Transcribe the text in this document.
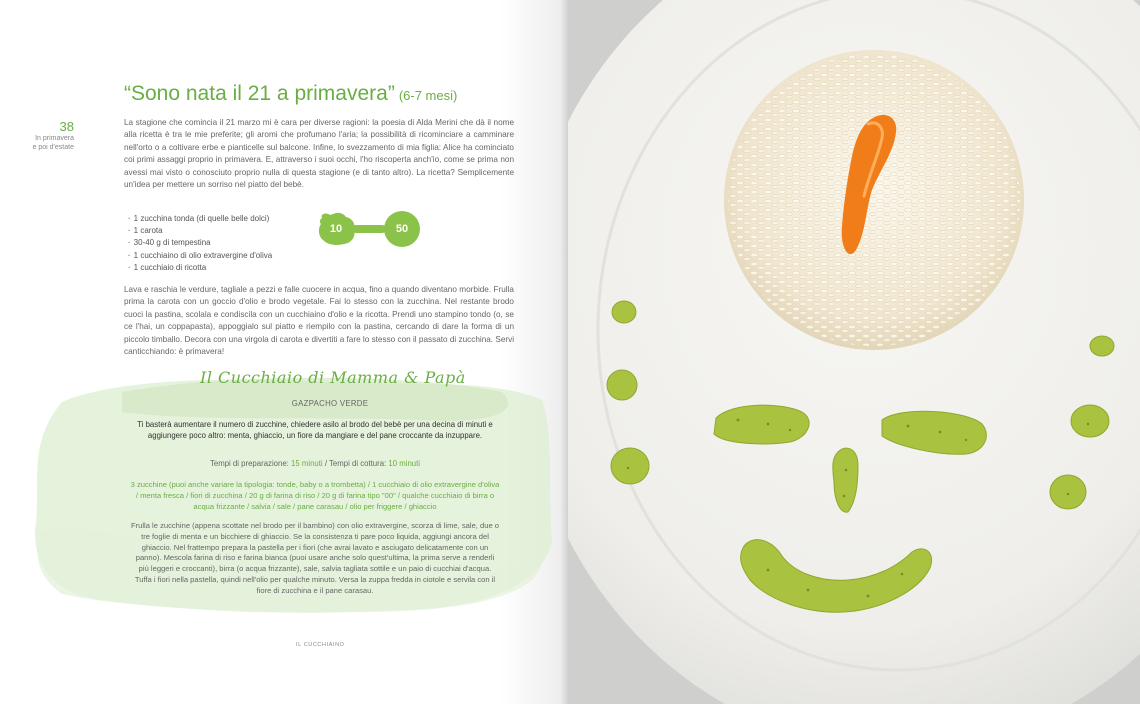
38
In primavera
e poi d'estate
“Sono nata il 21 a primavera” (6-7 mesi)
La stagione che comincia il 21 marzo mi è cara per diverse ragioni: la poesia di Alda Merini che dà il nome alla ricetta è tra le mie preferite; gli aromi che profumano l'aria; la possibilità di ricominciare a camminare nell'orto o a coltivare erbe e pianticelle sul balcone. Infine, lo svezzamento di mia figlia: Alice ha cominciato coi primi assaggi proprio in primavera. E, attraverso i suoi occhi, l'ho riscoperta anch'io, come se prima non avessi mai visto o conosciuto proprio nulla di questa stagione (e di tanto altro). La ricetta? Semplicemente un'idea per mettere un sorriso nel piatto del bebè.
· 1 zucchina tonda (di quelle belle dolci)
· 1 carota
· 30-40 g di tempestina
· 1 cucchiaino di olio extravergine d'oliva
· 1 cucchiaio di ricotta
10	50
Lava e raschia le verdure, tagliale a pezzi e falle cuocere in acqua, fino a quando diventano morbide. Frulla prima la carota con un goccio d'olio e brodo vegetale. Fai lo stesso con la zucchina. Nel restante brodo cuoci la pastina, scolala e condiscila con un cucchiaino d'olio e la ricotta. Prendi uno stampino tondo (o, se ce l'hai, un coppapasta), appoggialo sul piatto e riempilo con la pastina, cercando di dare la forma di un piccolo timballo. Decora con una virgola di carota e divertiti a fare lo stesso con il passato di zucchina. Servi canticchiando: è primavera!
Il Cucchiaio di Mamma & Papà
GAZPACHO VERDE
Ti basterà aumentare il numero di zucchine, chiedere asilo al brodo del bebè per una decina di minuti e aggiungere poco altro: menta, ghiaccio, un fiore da mangiare e del pane croccante da inzuppare.
Tempi di preparazione: 15 minuti / Tempi di cottura: 10 minuti
3 zucchine (puoi anche variare la tipologia: tonde, baby o a trombetta) / 1 cucchiaio di olio extravergine d'oliva / menta fresca / fiori di zucchina / 20 g di farina di riso / 20 g di farina tipo "00" / qualche cucchiaio di birra o acqua frizzante / salvia / sale / pane carasau / olio per friggere / ghiaccio
Frulla le zucchine (appena scottate nel brodo per il bambino) con olio extravergine, scorza di lime, sale, due o tre foglie di menta e un bicchiere di ghiaccio. Se la consistenza ti pare poco liquida, aggiungi ancora del ghiaccio. Nel frattempo prepara la pastella per i fiori (che avrai lavato e asciugato delicatamente con un panno). Mescola farina di riso e farina bianca (puoi usare anche solo quest'ultima, la prima serve a renderli più leggeri e croccanti), birra (o acqua frizzante), sale, salvia tagliata sottile e un paio di cucchiai d'acqua. Tuffa i fiori nella pastella, quindi nell'olio per qualche minuto. Versa la zuppa fredda in ciotole e servila con il fiore di zucchina e il pane carasau.
IL CUCCHIAINO
